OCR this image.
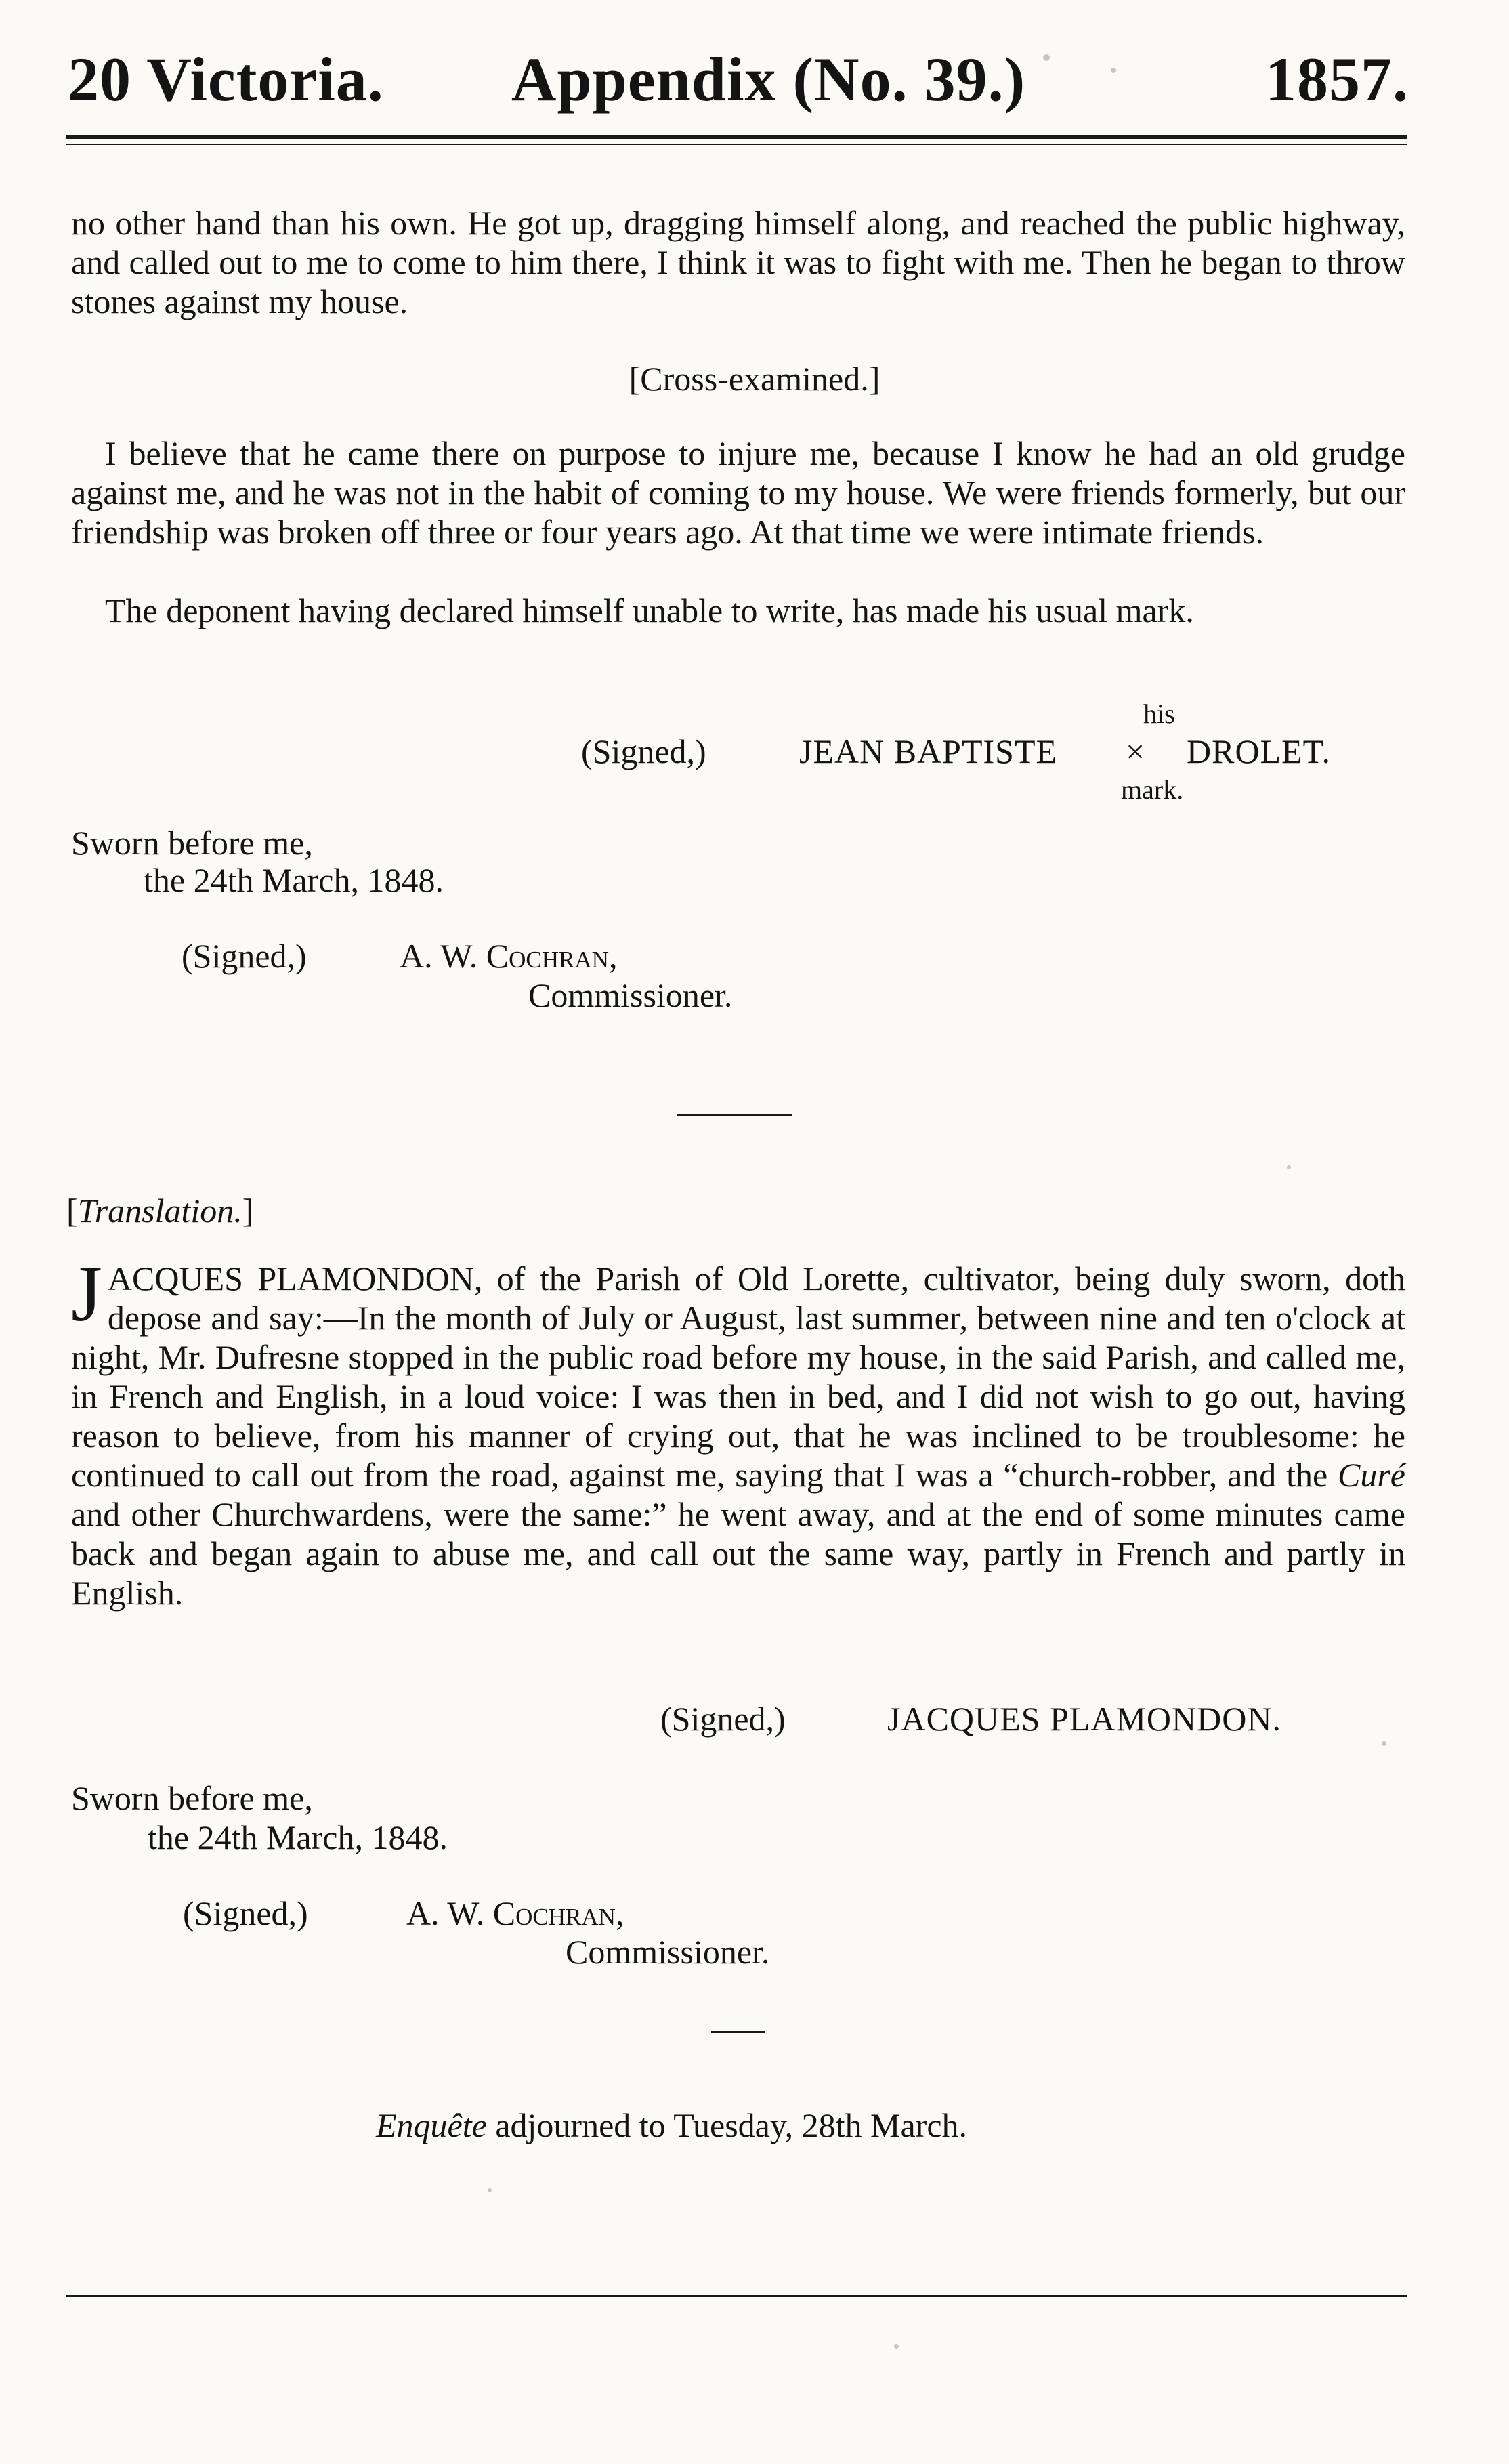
20 Victoria. Appendix (No. 39.)	1857.
no other hand than his own. He got up, dragging himself along, and reached the public highway, and called out to me to come to him there, I think it was to fight with me. Then he began to throw stones against my house.
[Cross-examined.]
I believe that he came there on purpose to injure me, because I know he had an old grudge against me, and he was not in the habit of coming to my house. We were friends formerly, but our friendship was broken off three or four years ago. At that time we were intimate friends.
The deponent having declared himself unable to write, has made his usual mark.
his
(Signed,)	JEAN BAPTISTE × DROLET.
mark.
Sworn before me,
the 24th March, 1848.
(Signed,)	A. W. Cochran,
Commissioner.
[Translation.]
JACQUES PLAMONDON, of the Parish of Old Lorette, cultivator, being duly sworn, doth depose and say:—In the month of July or August, last summer, between nine and ten o'clock at night, Mr. Dufresne stopped in the public road before my house, in the said Parish, and called me, in French and English, in a loud voice: I was then in bed, and I did not wish to go out, having reason to believe, from his manner of crying out, that he was inclined to be troublesome: he continued to call out from the road, against me, saying that I was a “church-robber, and the Curé and other Churchwardens, were the same:” he went away, and at the end of some minutes came back and began again to abuse me, and call out the same way, partly in French and partly in English.
(Signed,)	JACQUES PLAMONDON.
Sworn before me,
the 24th March, 1848.
(Signed,)	A. W. Cochran,
Commissioner.
Enquête adjourned to Tuesday, 28th March.
